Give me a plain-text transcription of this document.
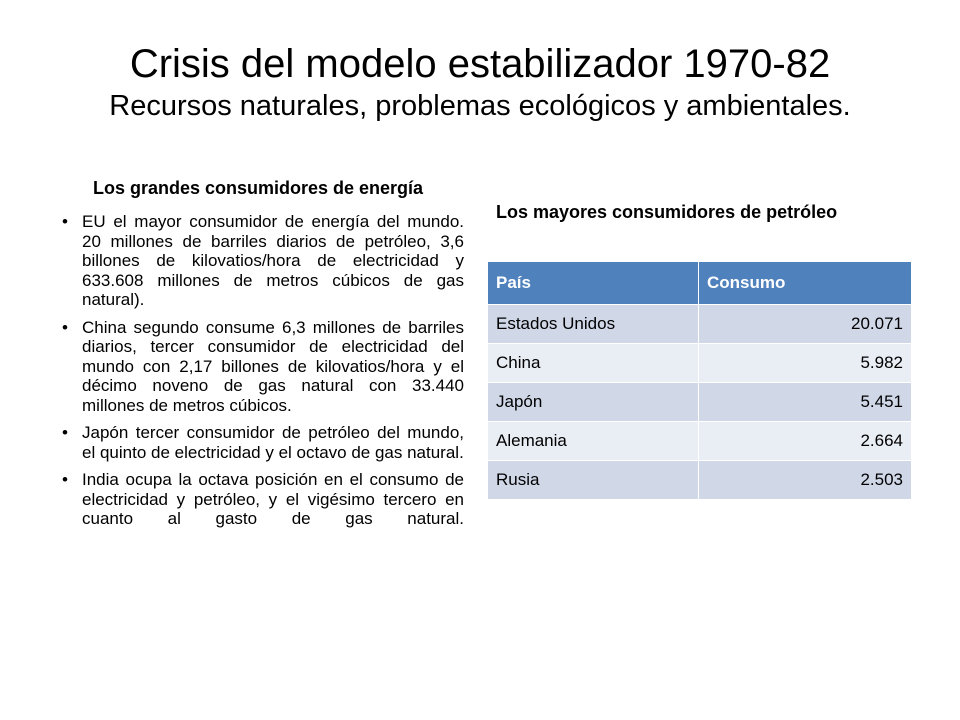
Crisis del modelo estabilizador 1970-82
Recursos naturales, problemas ecológicos y ambientales.
Los grandes consumidores de energía
• EU el mayor consumidor de energía del mundo. 20 millones de barriles diarios de petróleo, 3,6 billones de kilovatios/hora de electricidad y 633.608 millones de metros cúbicos de gas natural).
• China segundo consume 6,3 millones de barriles diarios, tercer consumidor de electricidad del mundo con 2,17 billones de kilovatios/hora y el décimo noveno de gas natural con 33.440 millones de metros cúbicos.
• Japón tercer consumidor de petróleo del mundo, el quinto de electricidad y el octavo de gas natural.
• India ocupa la octava posición en el consumo de electricidad y petróleo, y el vigésimo tercero en cuanto al gasto de gas natural.
Los mayores consumidores de petróleo
País	Consumo
Estados Unidos	20.071
China	5.982
Japón	5.451
Alemania	2.664
Rusia	2.503
